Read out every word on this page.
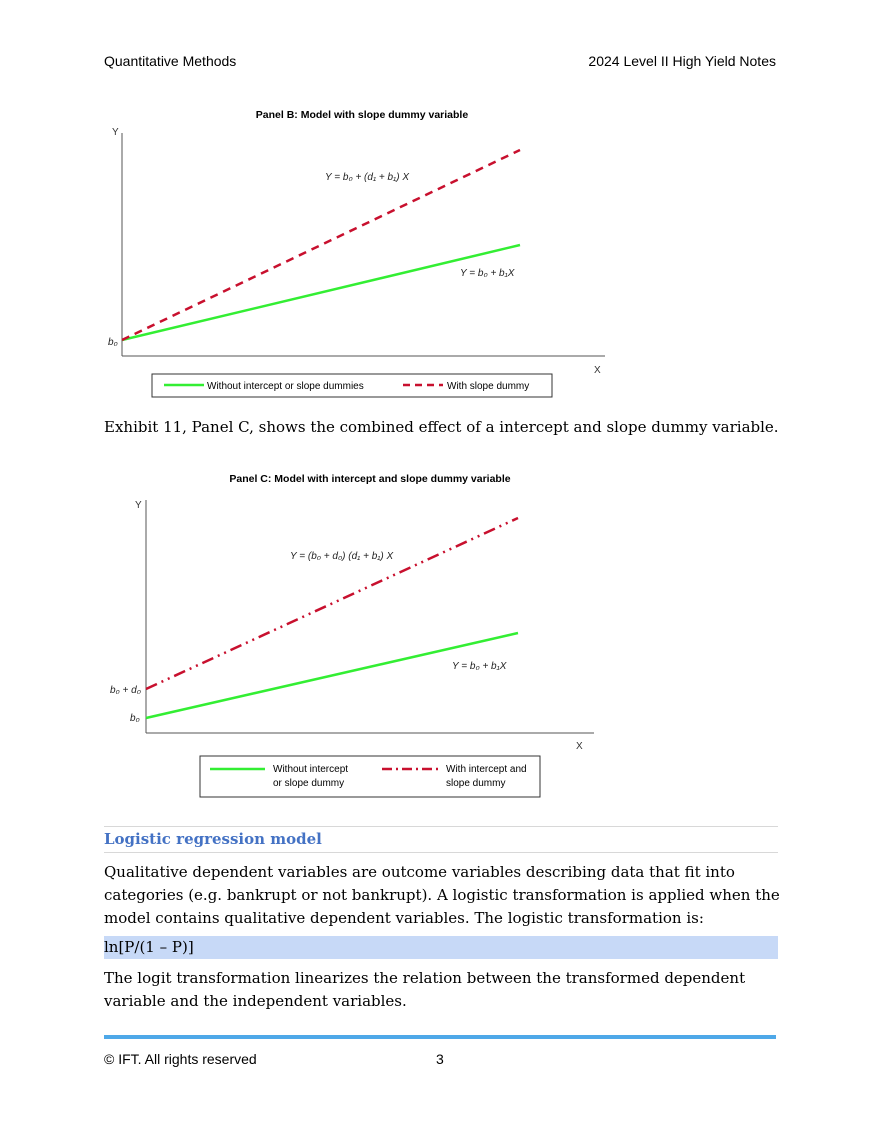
Quantitative Methods	2024 Level II High Yield Notes
Panel B: Model with slope dummy variable
Y
X
b₀
Y = b₀ + (d₁ + b₁) X
Y = b₀ + b₁X
Without intercept or slope dummies	With slope dummy

Exhibit 11, Panel C, shows the combined effect of a intercept and slope dummy variable.

Panel C: Model with intercept and slope dummy variable
Y
X
b₀ + d₀
b₀
Y = (b₀ + d₀) (d₁ + b₁) X
Y = b₀ + b₁X
Without intercept
or slope dummy
With intercept and
slope dummy
Logistic regression model
Qualitative dependent variables are outcome variables describing data that fit into
categories (e.g. bankrupt or not bankrupt). A logistic transformation is applied when the
model contains qualitative dependent variables. The logistic transformation is:
ln[P/(1 – P)]
The logit transformation linearizes the relation between the transformed dependent
variable and the independent variables.
© IFT. All rights reserved	3
